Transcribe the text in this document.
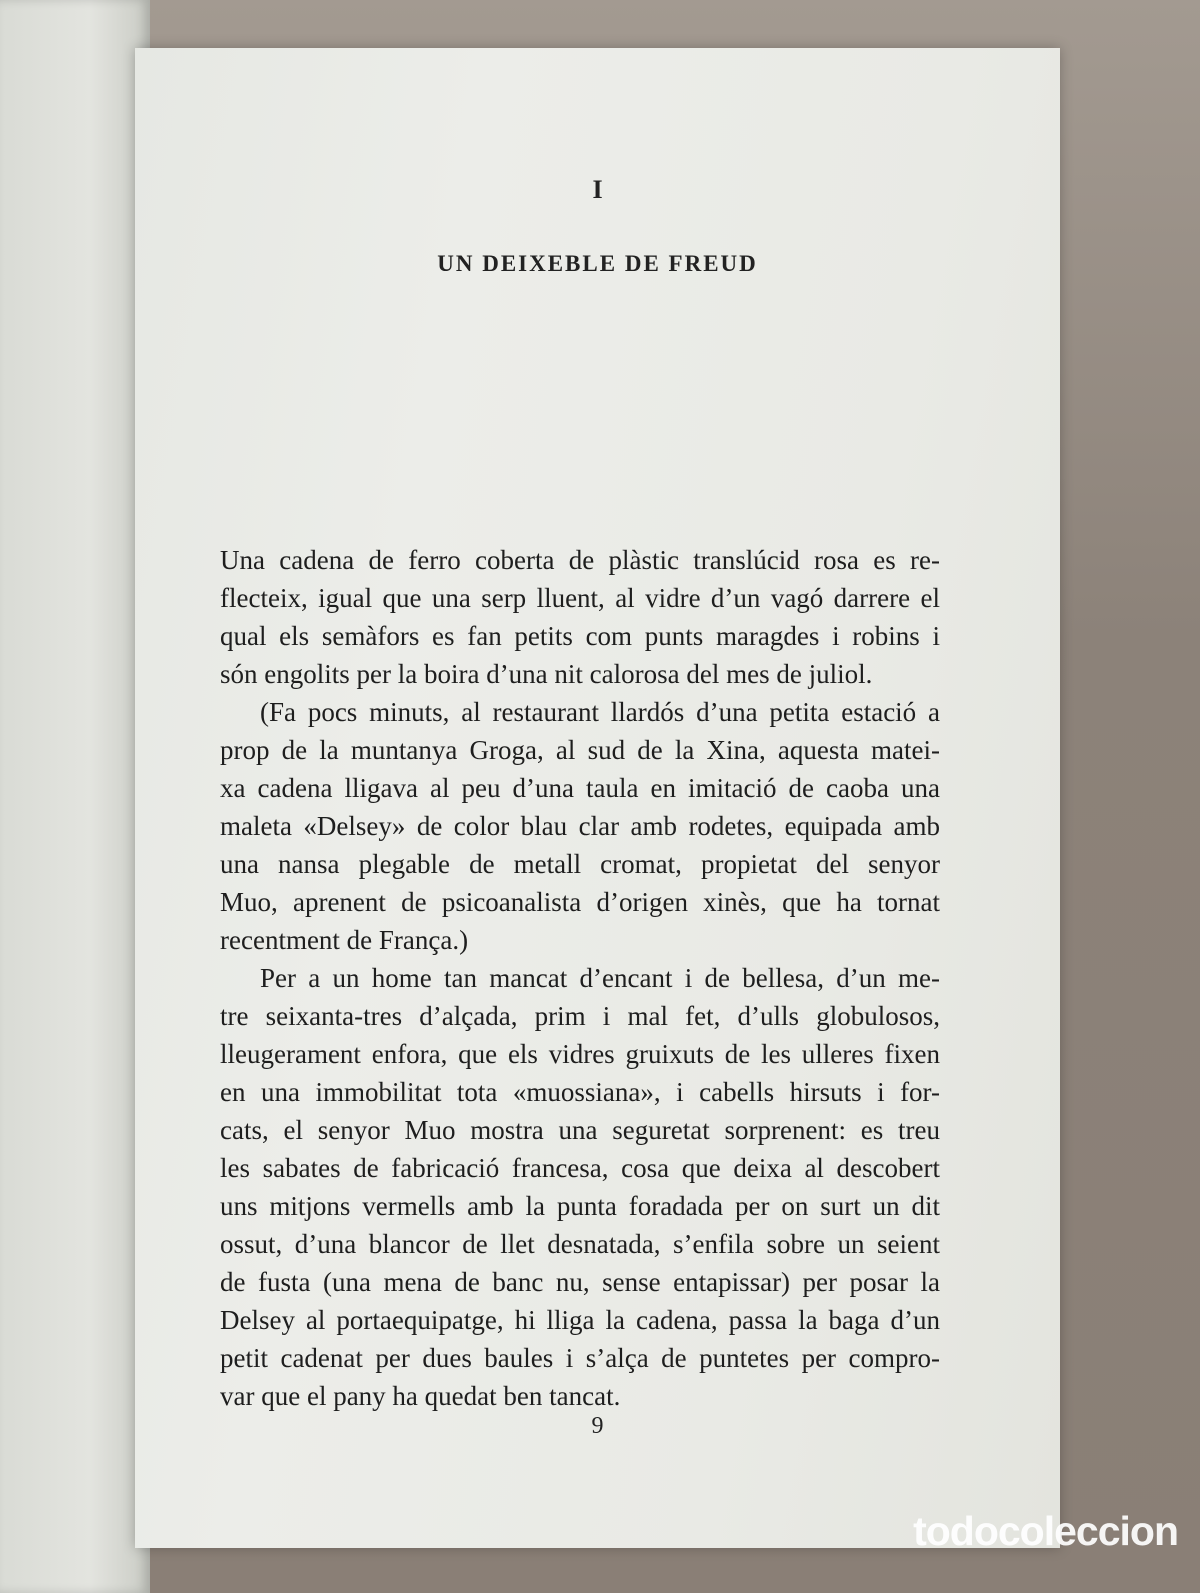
I
UN DEIXEBLE DE FREUD
Una cadena de ferro coberta de plàstic translúcid rosa es re-
flecteix, igual que una serp lluent, al vidre d’un vagó darrere el
qual els semàfors es fan petits com punts maragdes i robins i
són engolits per la boira d’una nit calorosa del mes de juliol.
(Fa pocs minuts, al restaurant llardós d’una petita estació a
prop de la muntanya Groga, al sud de la Xina, aquesta matei-
xa cadena lligava al peu d’una taula en imitació de caoba una
maleta «Delsey» de color blau clar amb rodetes, equipada amb
una nansa plegable de metall cromat, propietat del senyor
Muo, aprenent de psicoanalista d’origen xinès, que ha tornat
recentment de França.)
Per a un home tan mancat d’encant i de bellesa, d’un me-
tre seixanta-tres d’alçada, prim i mal fet, d’ulls globulosos,
lleugerament enfora, que els vidres gruixuts de les ulleres fixen
en una immobilitat tota «muossiana», i cabells hirsuts i for-
cats, el senyor Muo mostra una seguretat sorprenent: es treu
les sabates de fabricació francesa, cosa que deixa al descobert
uns mitjons vermells amb la punta foradada per on surt un dit
ossut, d’una blancor de llet desnatada, s’enfila sobre un seient
de fusta (una mena de banc nu, sense entapissar) per posar la
Delsey al portaequipatge, hi lliga la cadena, passa la baga d’un
petit cadenat per dues baules i s’alça de puntetes per compro-
var que el pany ha quedat ben tancat.
9
todocoleccion
